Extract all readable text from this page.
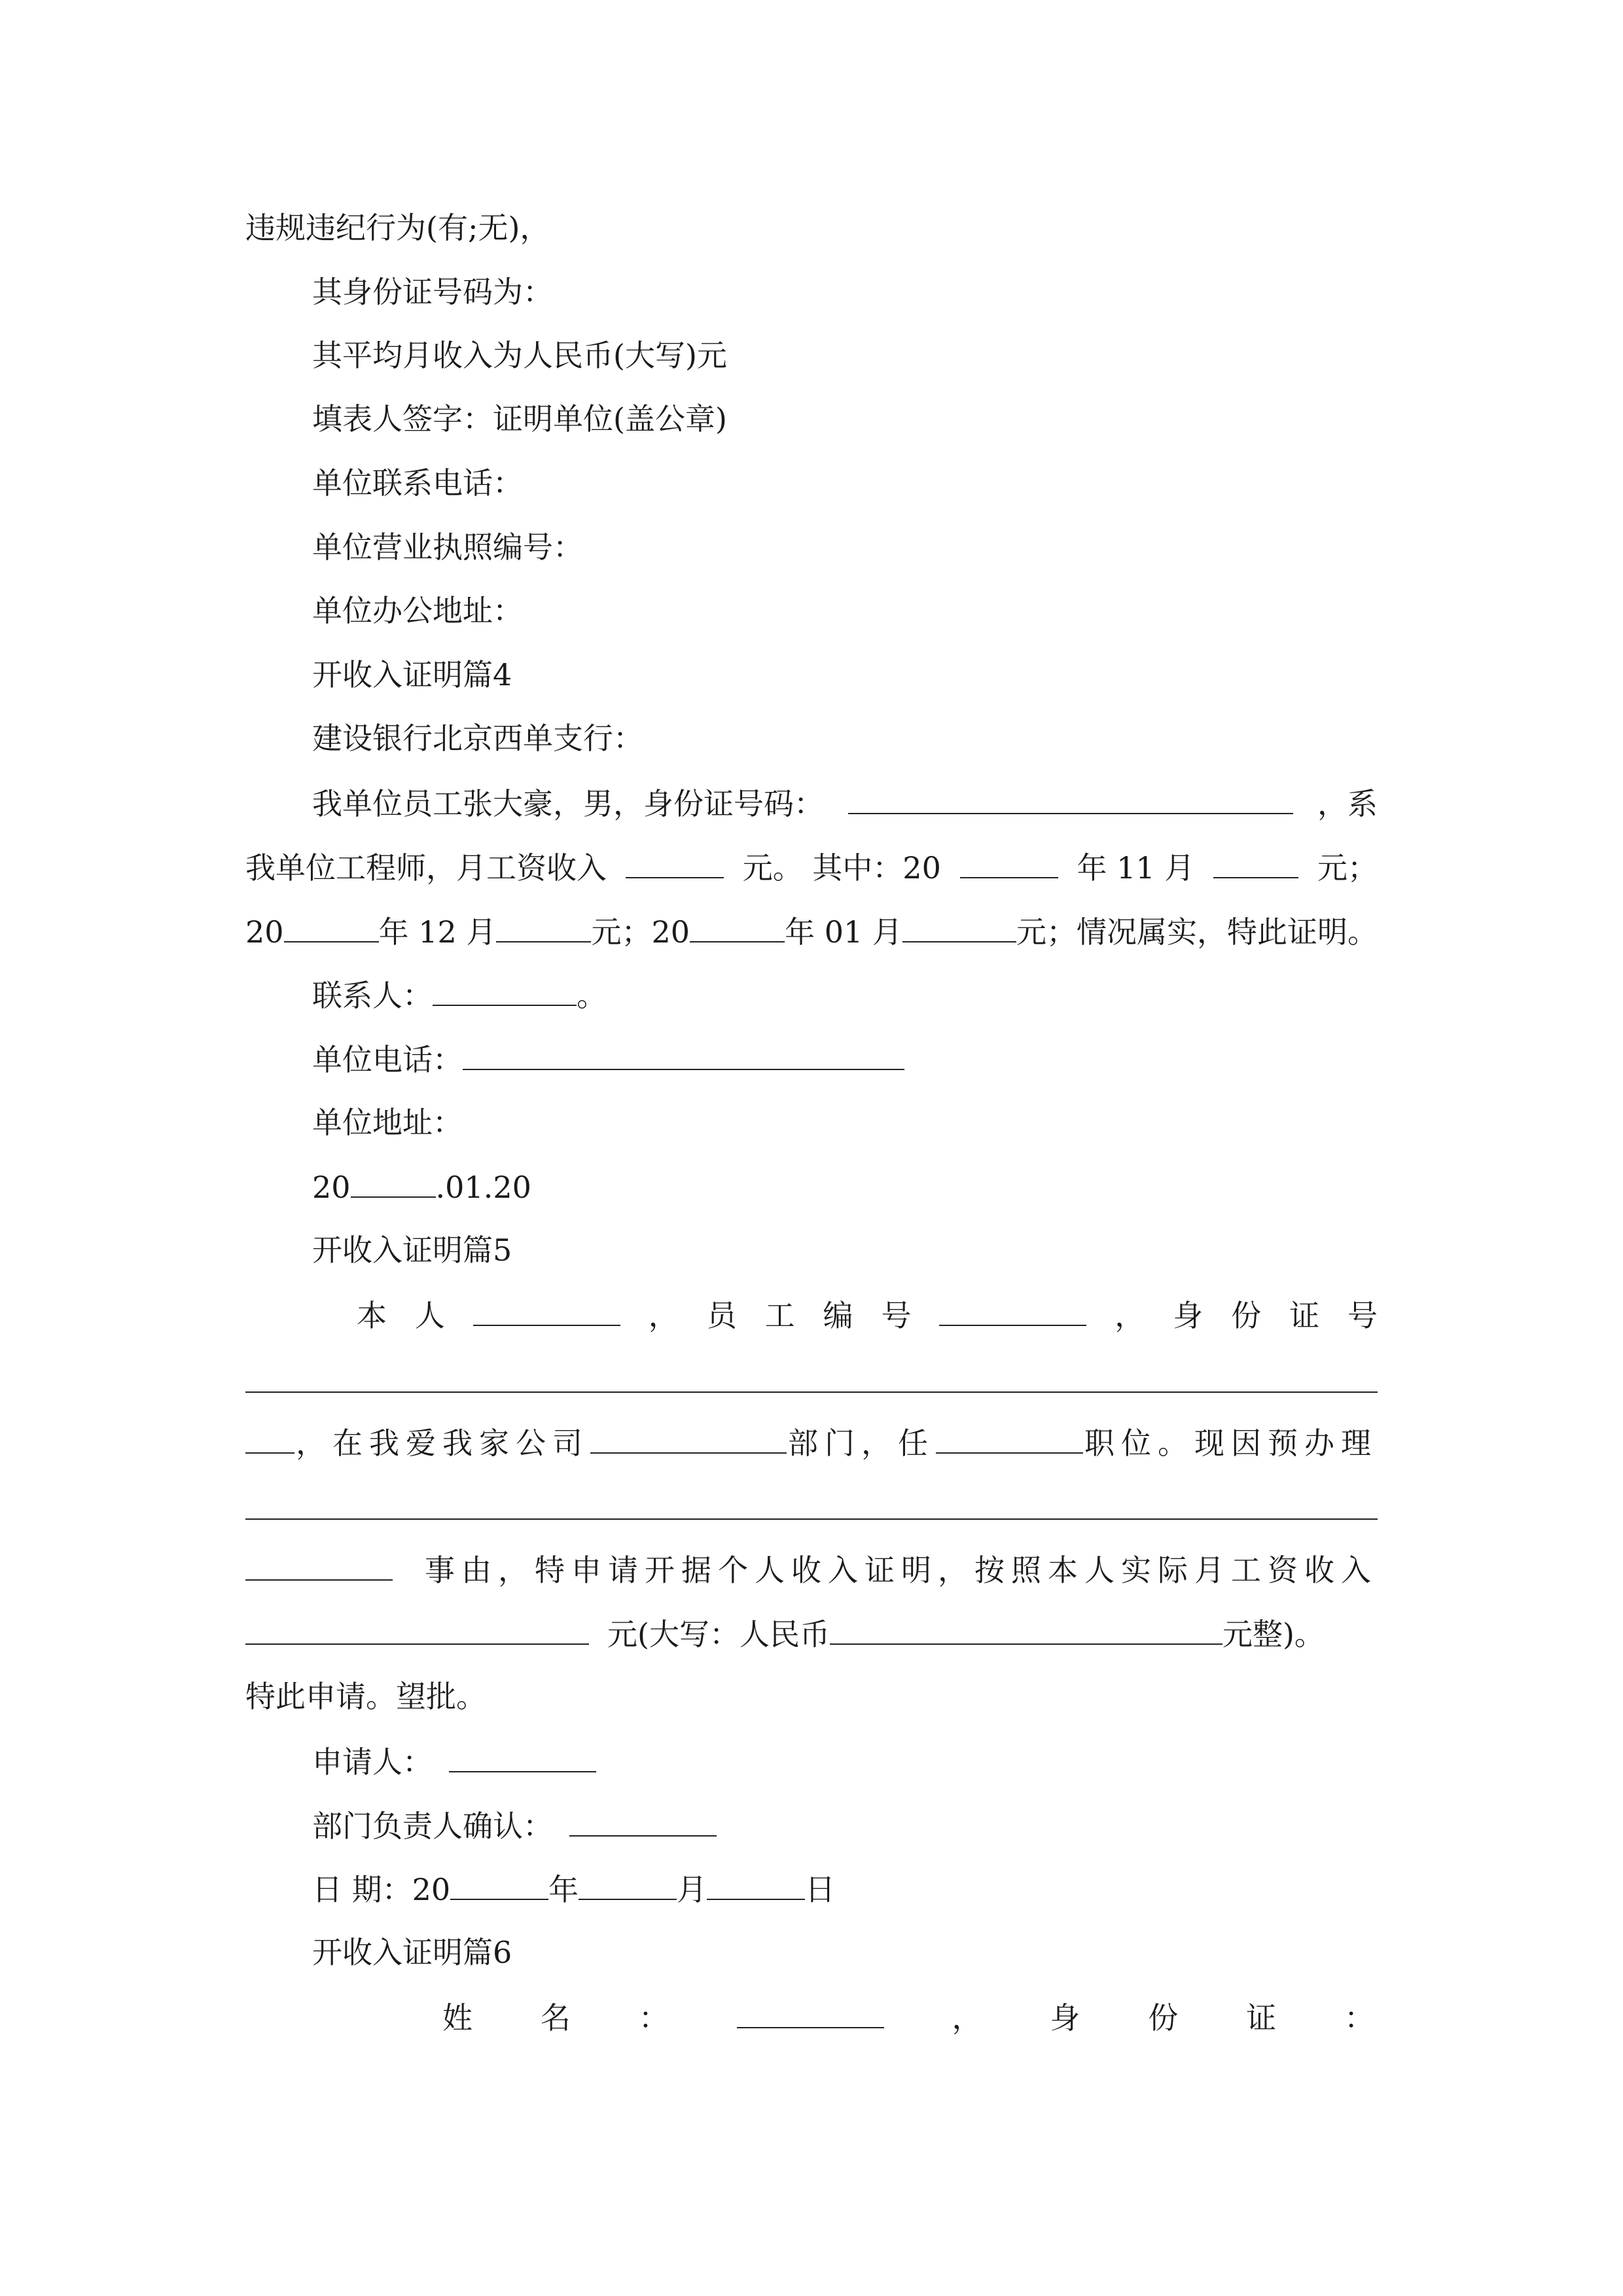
违规违纪行为(有;无)，
其身份证号码为：
其平均月收入为人民币(大写)元
填表人签字：证明单位(盖公章)
单位联系电话：
单位营业执照编号：
单位办公地址：
开收入证明篇4
建设银行北京西单支行：
我单位员工张大豪，男，身份证号码：	，系
我单位工程师，月工资收入	元。 其中：20	年 11 月	元；
20	年 12 月	元；20	年 01 月	元；情况属实，特此证明。
联系人：	。
单位电话：
单位地址：
20	.01.20
开收入证明篇5
本 人	， 员 工 编 号	， 身 份 证 号
，在我爱我家公司	部门，任	职位。现因预办理
事由，特申请开据个人收入证明，按照本人实际月工资收入
元(大写：人民币	元整)。
特此申请。望批。
申请人：
部门负责人确认：
日 期：20	年	月	日
开收入证明篇6
姓 名 ：	， 身 份 证 ：
